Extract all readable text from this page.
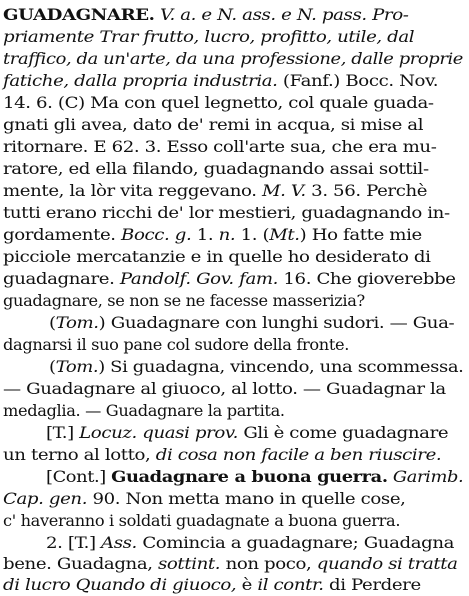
GUADAGNARE. V. a. e N. ass. e N. pass. Pro-
priamente Trar frutto, lucro, profitto, utile, dal
traffico, da un'arte, da una professione, dalle proprie
fatiche, dalla propria industria. (Fanf.) Bocc. Nov.
14. 6. (C) Ma con quel legnetto, col quale guada-
gnati gli avea, dato de' remi in acqua, si mise al
ritornare. E 62. 3. Esso coll'arte sua, che era mu-
ratore, ed ella filando, guadagnando assai sottil-
mente, la lòr vita reggevano. M. V. 3. 56. Perchè
tutti erano ricchi de' lor mestieri, guadagnando in-
gordamente. Bocc. g. 1. n. 1. (Mt.) Ho fatte mie
picciole mercatanzie e in quelle ho desiderato di
guadagnare. Pandolf. Gov. fam. 16. Che gioverebbe
guadagnare, se non se ne facesse masserizia?
(Tom.) Guadagnare con lunghi sudori. — Gua-
dagnarsi il suo pane col sudore della fronte.
(Tom.) Si guadagna, vincendo, una scommessa.
— Guadagnare al giuoco, al lotto. — Guadagnar la
medaglia. — Guadagnare la partita.
[T.] Locuz. quasi prov. Gli è come guadagnare
un terno al lotto, di cosa non facile a ben riuscire.
[Cont.] Guadagnare a buona guerra. Garimb.
Cap. gen. 90. Non metta mano in quelle cose,
c' haveranno i soldati guadagnate a buona guerra.
2. [T.] Ass. Comincia a guadagnare; Guadagna
bene. Guadagna, sottint. non poco, quando si tratta
di lucro Quando di giuoco, è il contr. di Perdere
